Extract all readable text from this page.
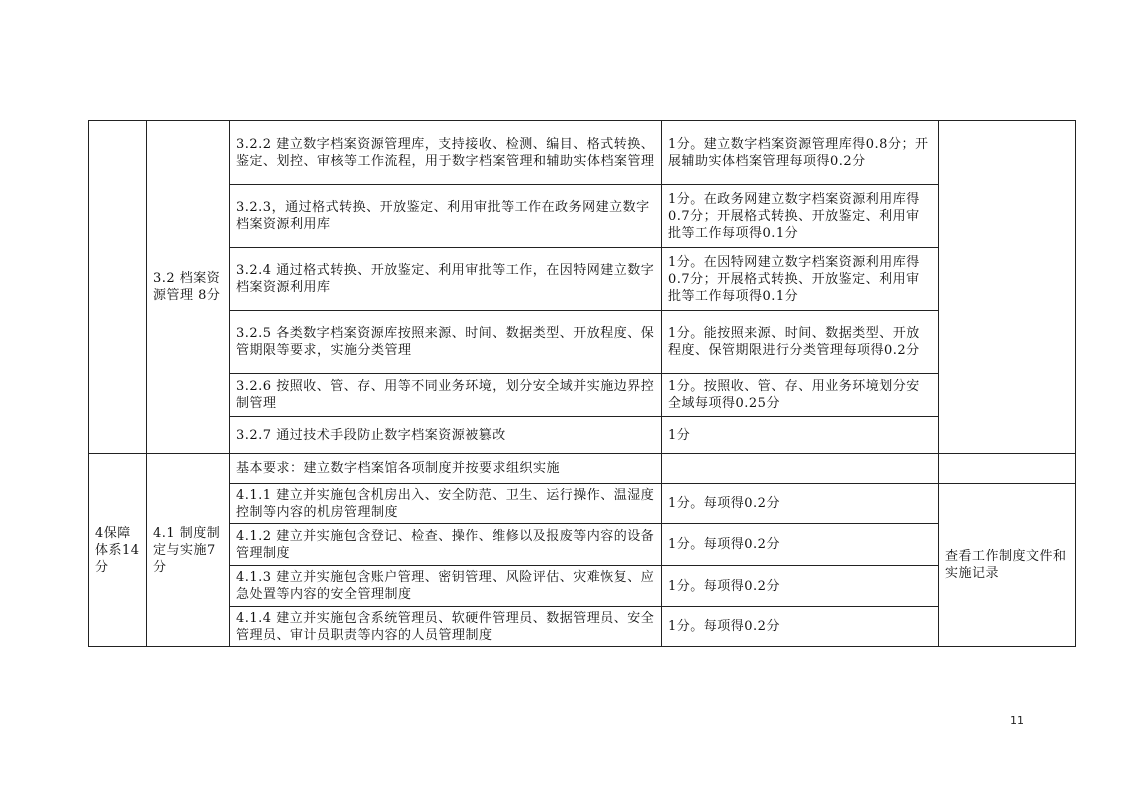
	3.2 档案资源管理 8分	3.2.2 建立数字档案资源管理库，支持接收、检测、编目、格式转换、鉴定、划控、审核等工作流程，用于数字档案管理和辅助实体档案管理	1分。建立数字档案资源管理库得0.8分；开展辅助实体档案管理每项得0.2分	
		3.2.3，通过格式转换、开放鉴定、利用审批等工作在政务网建立数字档案资源利用库	1分。在政务网建立数字档案资源利用库得0.7分；开展格式转换、开放鉴定、利用审批等工作每项得0.1分	
		3.2.4 通过格式转换、开放鉴定、利用审批等工作，在因特网建立数字档案资源利用库	1分。在因特网建立数字档案资源利用库得0.7分；开展格式转换、开放鉴定、利用审批等工作每项得0.1分	
		3.2.5 各类数字档案资源库按照来源、时间、数据类型、开放程度、保管期限等要求，实施分类管理	1分。能按照来源、时间、数据类型、开放程度、保管期限进行分类管理每项得0.2分	
		3.2.6 按照收、管、存、用等不同业务环境，划分安全域并实施边界控制管理	1分。按照收、管、存、用业务环境划分安全域每项得0.25分	
		3.2.7 通过技术手段防止数字档案资源被篡改	1分	
4保障体系14分	4.1 制度制定与实施7分	基本要求：建立数字档案馆各项制度并按要求组织实施		
		4.1.1 建立并实施包含机房出入、安全防范、卫生、运行操作、温湿度控制等内容的机房管理制度	1分。每项得0.2分	查看工作制度文件和实施记录
		4.1.2 建立并实施包含登记、检查、操作、维修以及报废等内容的设备管理制度	1分。每项得0.2分	
		4.1.3 建立并实施包含账户管理、密钥管理、风险评估、灾难恢复、应急处置等内容的安全管理制度	1分。每项得0.2分	
		4.1.4 建立并实施包含系统管理员、软硬件管理员、数据管理员、安全管理员、审计员职责等内容的人员管理制度	1分。每项得0.2分	
11
